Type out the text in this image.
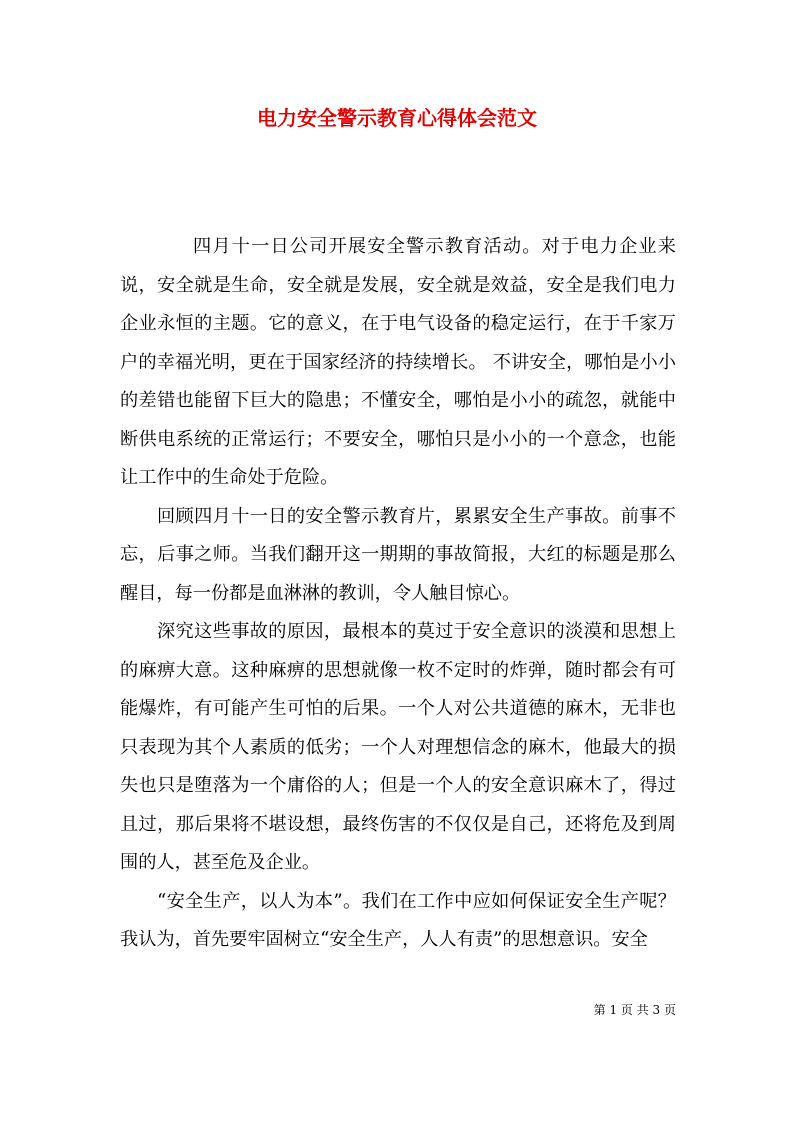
电力安全警示教育心得体会范文

四月十一日公司开展安全警示教育活动。对于电力企业来说，安全就是生命，安全就是发展，安全就是效益，安全是我们电力企业永恒的主题。它的意义，在于电气设备的稳定运行，在于千家万户的幸福光明，更在于国家经济的持续增长。 不讲安全，哪怕是小小的差错也能留下巨大的隐患；不懂安全，哪怕是小小的疏忽，就能中断供电系统的正常运行；不要安全，哪怕只是小小的一个意念，也能让工作中的生命处于危险。

回顾四月十一日的安全警示教育片，累累安全生产事故。前事不忘，后事之师。当我们翻开这一期期的事故简报，大红的标题是那么醒目，每一份都是血淋淋的教训，令人触目惊心。

深究这些事故的原因，最根本的莫过于安全意识的淡漠和思想上的麻痹大意。这种麻痹的思想就像一枚不定时的炸弹，随时都会有可能爆炸，有可能产生可怕的后果。一个人对公共道德的麻木，无非也只表现为其个人素质的低劣；一个人对理想信念的麻木，他最大的损失也只是堕落为一个庸俗的人；但是一个人的安全意识麻木了，得过且过，那后果将不堪设想，最终伤害的不仅仅是自己，还将危及到周围的人，甚至危及企业。

“安全生产，以人为本”。我们在工作中应如何保证安全生产呢？我认为，首先要牢固树立“安全生产，人人有责”的思想意识。安全

第 1 页 共 3 页
